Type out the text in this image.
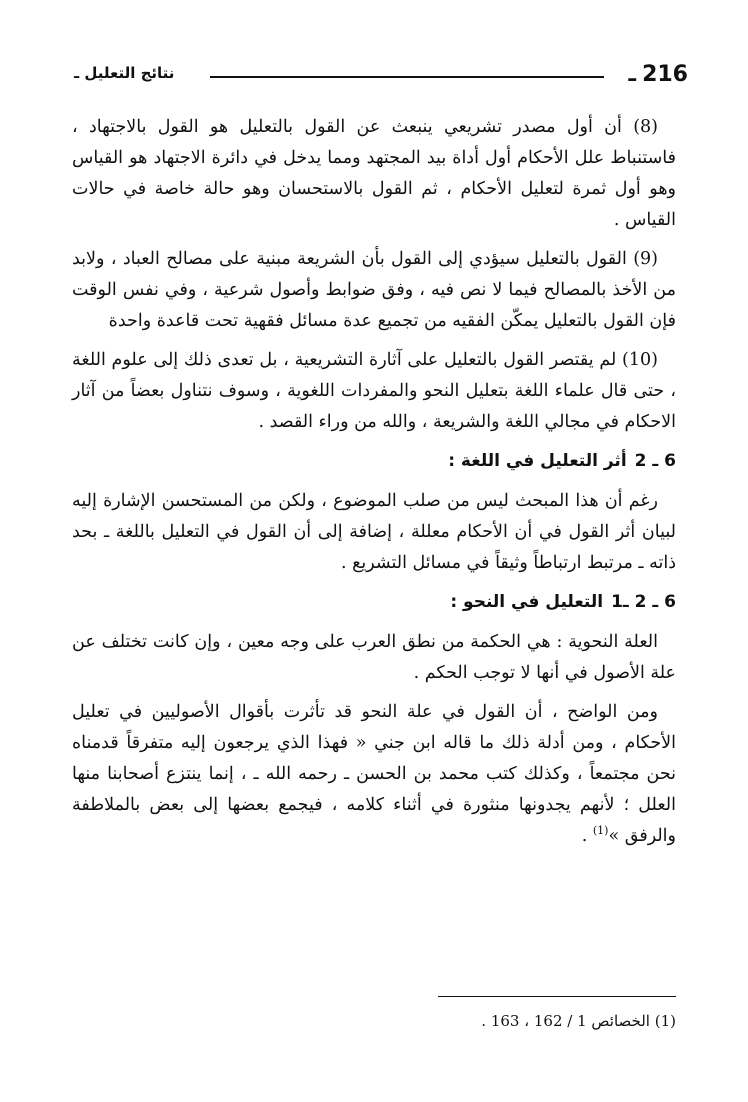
216ـ
نتائج التعليل ـ

(8) أن أول مصدر تشريعي ينبعث عن القول بالتعليل هو القول بالاجتهاد ، فاستنباط علل الأحكام أول أداة بيد المجتهد ومما يدخل في دائرة الاجتهاد هو القياس وهو أول ثمرة لتعليل الأحكام ، ثم القول بالاستحسان وهو حالة خاصة في حالات القياس .

(9) القول بالتعليل سيؤدي إلى القول بأن الشريعة مبنية على مصالح العباد ، ولابد من الأخذ بالمصالح فيما لا نص فيه ، وفق ضوابط وأصول شرعية ، وفي نفس الوقت فإن القول بالتعليل يمكّن الفقيه من تجميع عدة مسائل فقهية تحت قاعدة واحدة

(10) لم يقتصر القول بالتعليل على آثارة التشريعية ، بل تعدى ذلك إلى علوم اللغة ، حتى قال علماء اللغة بتعليل النحو والمفردات اللغوية ، وسوف نتناول بعضاً من آثار الاحكام في مجالي اللغة والشريعة ، والله من وراء القصد .

6 ـ 2أثر التعليل في اللغة :

رغم أن هذا المبحث ليس من صلب الموضوع ، ولكن من المستحسن الإشارة إليه لبيان أثر القول في أن الأحكام معللة ، إضافة إلى أن القول في التعليل باللغة ـ بحد ذاته ـ مرتبط ارتباطاً وثيقاً في مسائل التشريع .

6 ـ 2 ـ1التعليل في النحو :

العلة النحوية : هي الحكمة من نطق العرب على وجه معين ، وإن كانت تختلف عن علة الأصول في أنها لا توجب الحكم .

ومن الواضح ، أن القول في علة النحو قد تأثرت بأقوال الأصوليين في تعليل الأحكام ، ومن أدلة ذلك ما قاله ابن جني « فهذا الذي يرجعون إليه متفرقاً قدمناه نحن مجتمعاً ، وكذلك كتب محمد بن الحسن ـ رحمه الله ـ ، إنما ينتزع أصحابنا منها العلل ؛ لأنهم يجدونها منثورة في أثناء كلامه ، فيجمع بعضها إلى بعض بالملاطفة والرفق »$^{(1)}$ .

(1) الخصائص 1 / 162 ، 163 .
